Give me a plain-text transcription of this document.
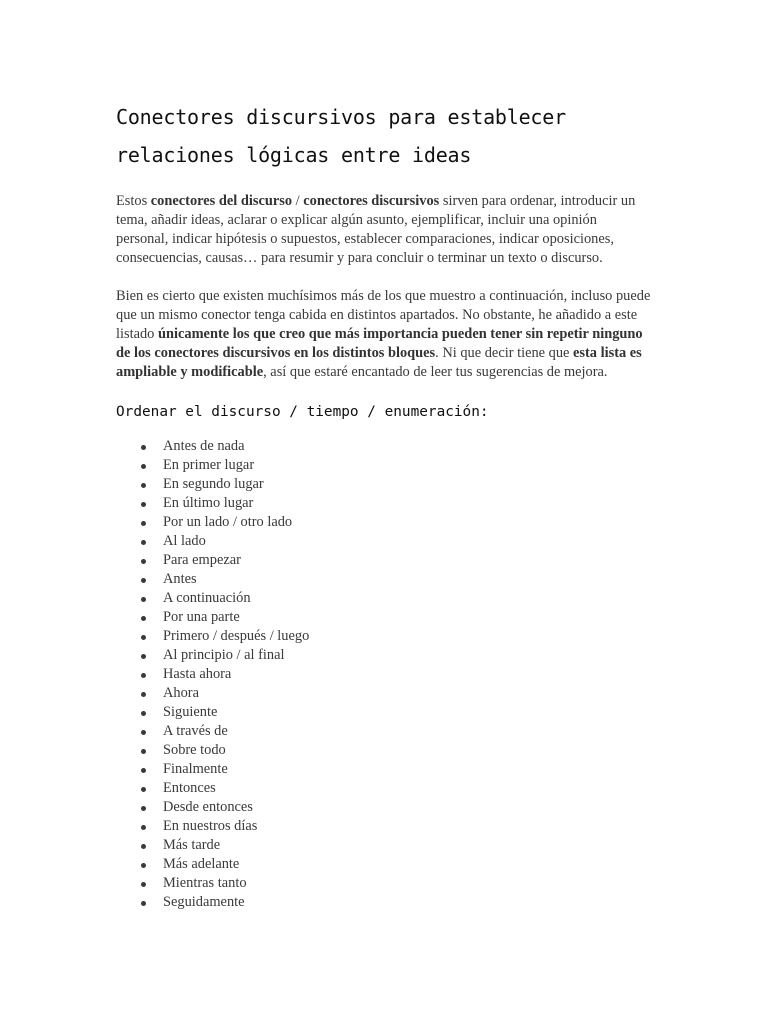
Conectores discursivos para establecer
relaciones lógicas entre ideas

Estos conectores del discurso / conectores discursivos sirven para ordenar, introducir un tema, añadir ideas, aclarar o explicar algún asunto, ejemplificar, incluir una opinión personal, indicar hipótesis o supuestos, establecer comparaciones, indicar oposiciones, consecuencias, causas… para resumir y para concluir o terminar un texto o discurso.

Bien es cierto que existen muchísimos más de los que muestro a continuación, incluso puede que un mismo conector tenga cabida en distintos apartados. No obstante, he añadido a este listado únicamente los que creo que más importancia pueden tener sin repetir ninguno de los conectores discursivos en los distintos bloques. Ni que decir tiene que esta lista es ampliable y modificable, así que estaré encantado de leer tus sugerencias de mejora.

Ordenar el discurso / tiempo / enumeración:
Antes de nada
En primer lugar
En segundo lugar
En último lugar
Por un lado / otro lado
Al lado
Para empezar
Antes
A continuación
Por una parte
Primero / después / luego
Al principio / al final
Hasta ahora
Ahora
Siguiente
A través de
Sobre todo
Finalmente
Entonces
Desde entonces
En nuestros días
Más tarde
Más adelante
Mientras tanto
Seguidamente
